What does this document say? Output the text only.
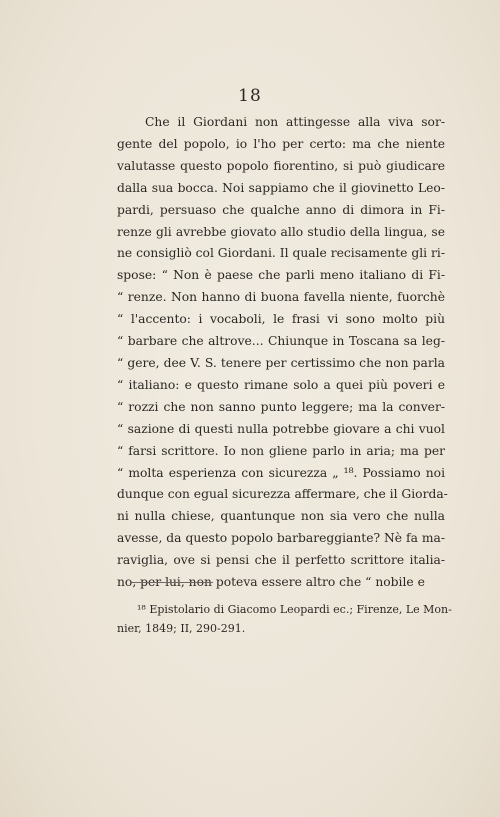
18

Che il Giordani non attingesse alla viva sor-
gente del popolo, io l'ho per certo: ma che niente
valutasse questo popolo fiorentino, si può giudicare
dalla sua bocca. Noi sappiamo che il giovinetto Leo-
pardi, persuaso che qualche anno di dimora in Fi-
renze gli avrebbe giovato allo studio della lingua, se
ne consigliò col Giordani. Il quale recisamente gli ri-
spose: “ Non è paese che parli meno italiano di Fi-
“ renze. Non hanno di buona favella niente, fuorchè
“ l'accento: i vocaboli, le frasi vi sono molto più
“ barbare che altrove... Chiunque in Toscana sa leg-
“ gere, dee V. S. tenere per certissimo che non parla
“ italiano: e questo rimane solo a quei più poveri e
“ rozzi che non sanno punto leggere; ma la conver-
“ sazione di questi nulla potrebbe giovare a chi vuol
“ farsi scrittore. Io non gliene parlo in aria; ma per
“ molta esperienza con sicurezza „ ¹⁸. Possiamo noi
dunque con egual sicurezza affermare, che il Giorda-
ni nulla chiese, quantunque non sia vero che nulla
avesse, da questo popolo barbareggiante? Nè fa ma-
raviglia, ove si pensi che il perfetto scrittore italia-
no, per lui, non poteva essere altro che “ nobile e

¹⁸ Epistolario di Giacomo Leopardi ec.; Firenze, Le Mon-
nier, 1849; II, 290-291.
